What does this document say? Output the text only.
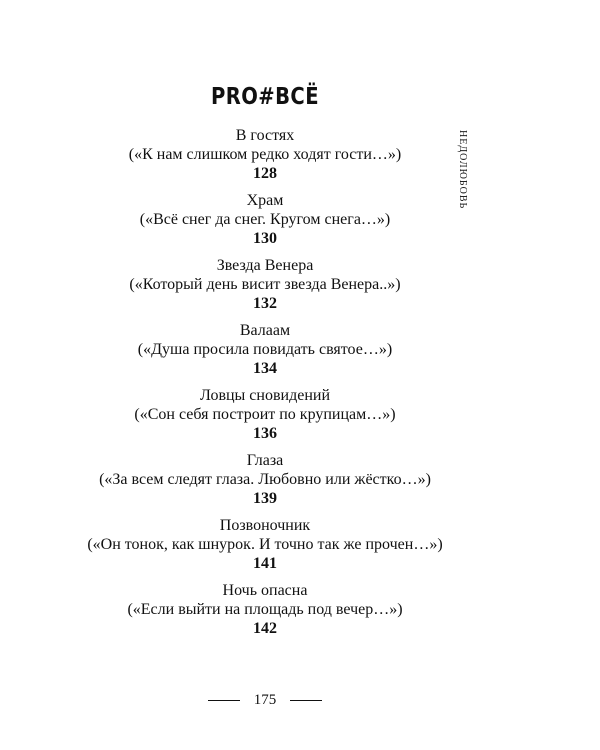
PRO#ВСЁ
В гостях
(«К нам слишком редко ходят гости…»)
128
Храм
(«Всё снег да снег. Кругом снега…»)
130
Звезда Венера
(«Который день висит звезда Венера..»)
132
Валаам
(«Душа просила повидать святое…»)
134
Ловцы сновидений
(«Сон себя построит по крупицам…»)
136
Глаза
(«За всем следят глаза. Любовно или жёстко…»)
139
Позвоночник
(«Он тонок, как шнурок. И точно так же прочен…»)
141
Ночь опасна
(«Если выйти на площадь под вечер…»)
142
НЕДОЛЮБОВЬ
175
